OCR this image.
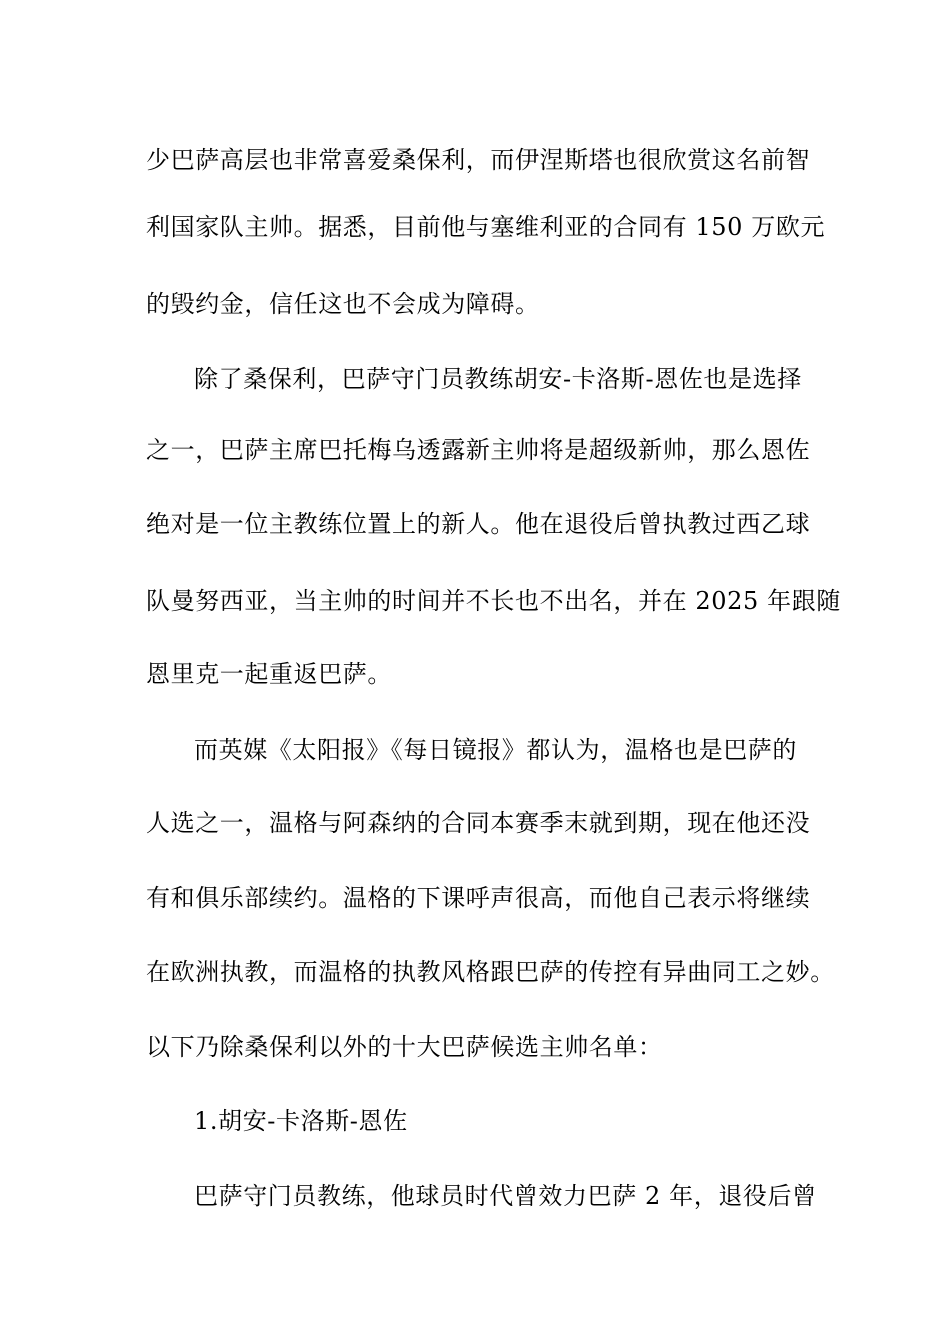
少巴萨高层也非常喜爱桑保利，而伊涅斯塔也很欣赏这名前智
利国家队主帅。据悉，目前他与塞维利亚的合同有 150 万欧元
的毁约金，信任这也不会成为障碍。
除了桑保利，巴萨守门员教练胡安-卡洛斯-恩佐也是选择
之一，巴萨主席巴托梅乌透露新主帅将是超级新帅，那么恩佐
绝对是一位主教练位置上的新人。他在退役后曾执教过西乙球
队曼努西亚，当主帅的时间并不长也不出名，并在 2025 年跟随
恩里克一起重返巴萨。
而英媒《太阳报》《每日镜报》都认为，温格也是巴萨的
人选之一，温格与阿森纳的合同本赛季末就到期，现在他还没
有和俱乐部续约。温格的下课呼声很高，而他自己表示将继续
在欧洲执教，而温格的执教风格跟巴萨的传控有异曲同工之妙。
以下乃除桑保利以外的十大巴萨候选主帅名单：
1.胡安-卡洛斯-恩佐
巴萨守门员教练，他球员时代曾效力巴萨 2 年，退役后曾
